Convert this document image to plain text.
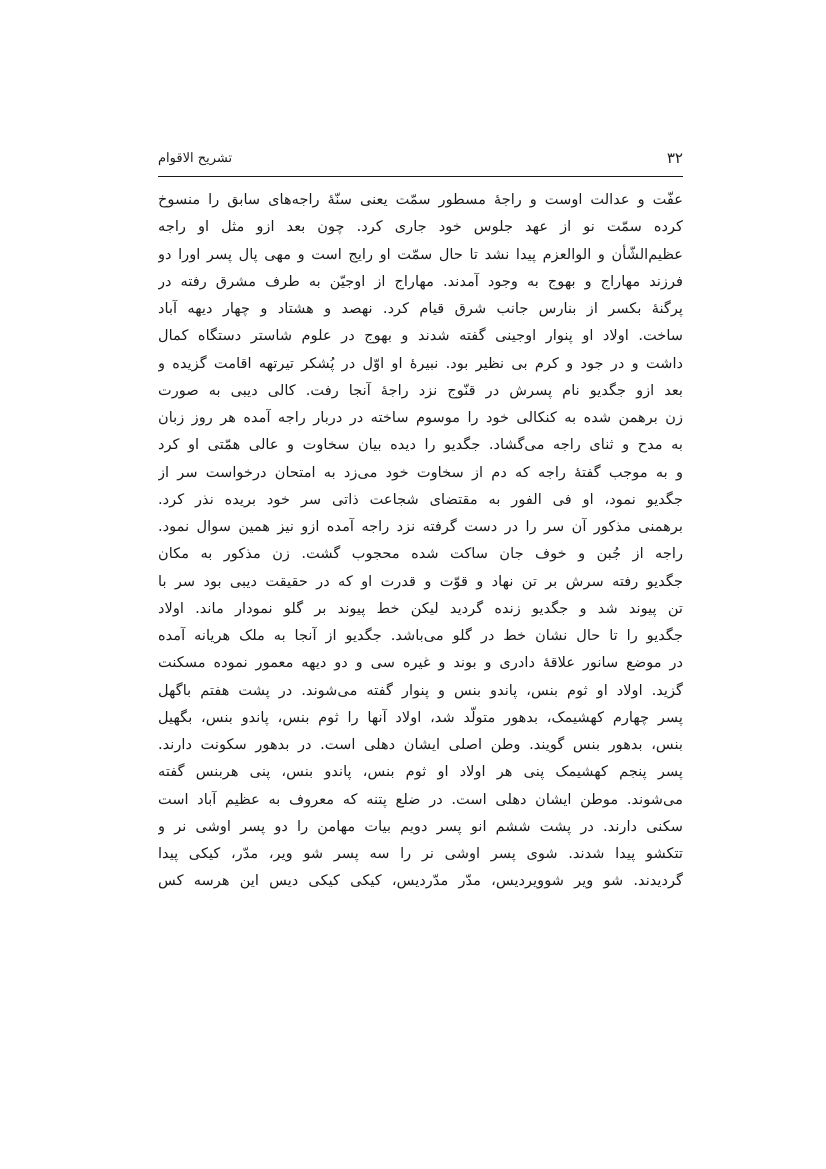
۳۲
تشریح الاقوام
عفّت و عدالت اوست و راجهٔ مسطور سمّت یعنی سنّهٔ راجه‌های سابق را منسوخ
کرده سمّت نو از عهد جلوس خود جاری کرد. چون بعد ازو مثل او راجه
عظیم‌الشّأن و الوالعزم پیدا نشد تا حال سمّت او رایج است و مهی پال پسر اورا دو
فرزند مهاراج و بهوج به وجود آمدند. مهاراج از اوجیّن به طرف مشرق رفته در
پرگنهٔ بکسر از بنارس جانب شرق قیام کرد. نهصد و هشتاد و چهار دیهه آباد
ساخت. اولاد او پنوار اوجینی گفته شدند و بهوج در علوم شاستر دستگاه کمال
داشت و در جود و کرم بی نظیر بود. نبیرهٔ او اوّل در پُشکر تیرتهه اقامت گزیده و
بعد ازو جگدیو نام پسرش در قنّوج نزد راجهٔ آنجا رفت. کالی دیبی به صورت
زن برهمن شده به کنکالی خود را موسوم ساخته در دربار راجه آمده هر روز زبان
به مدح و ثنای راجه می‌گشاد. جگدیو را دیده بیان سخاوت و عالی همّتی او کرد
و به موجب گفتهٔ راجه که دم از سخاوت خود می‌زد به امتحان درخواست سر از
جگدیو نمود، او فی الفور به مقتضای شجاعت ذاتی سر خود بریده نذر کرد.
برهمنی مذکور آن سر را در دست گرفته نزد راجه آمده ازو نیز همین سوال نمود.
راجه از جُبن و خوف جان ساکت شده محجوب گشت. زن مذکور به مکان
جگدیو رفته سرش بر تن نهاد و قوّت و قدرت او که در حقیقت دیبی بود سر با
تن پیوند شد و جگدیو زنده گردید لیکن خط پیوند بر گلو نمودار ماند. اولاد
جگدیو را تا حال نشان خط در گلو می‌باشد. جگدیو از آنجا به ملک هریانه آمده
در موضع سانور علاقهٔ دادری و بوند و غیره سی و دو دیهه معمور نموده مسکنت
گزید. اولاد او ثوم بنس، پاندو بنس و پنوار گفته می‌شوند. در پشت هفتم باگهل
پسر چهارم کهشیمک، بدهور متولّد شد، اولاد آنها را ثوم بنس، پاندو بنس، بگهیل
بنس، بدهور بنس گویند. وطن اصلی ایشان دهلی است. در بدهور سکونت دارند.
پسر پنجم کهشیمک پنی هر اولاد او ثوم بنس، پاندو بنس، پنی هربنس گفته
می‌شوند. موطن ایشان دهلی است. در ضلع پتنه که معروف به عظیم آباد است
سکنی دارند. در پشت ششم انو پسر دویم بیات مهامن را دو پسر اوشی نر و
تتکشو پیدا شدند. شوی پسر اوشی نر را سه پسر شو ویر، مدّر، کیکی پیدا
گردیدند. شو ویر شوویردیس، مدّر مدّردیس، کیکی کیکی دیس این هرسه کس
